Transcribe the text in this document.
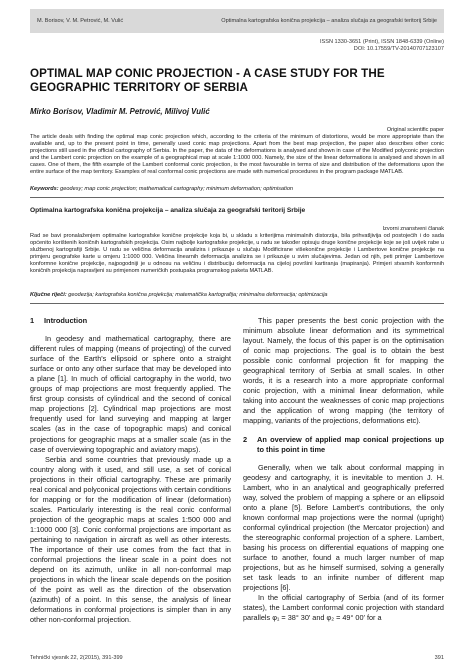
M. Borisov, V. M. Petrović, M. Vulić	Optimalna kartografska konična projekcija – analiza slučaja za geografski teritorij Srbije
ISSN 1330-3651 (Print), ISSN 1848-6339 (Online)
DOI: 10.17559/TV-20140707123107
OPTIMAL MAP CONIC PROJECTION - A CASE STUDY FOR THE GEOGRAPHIC TERRITORY OF SERBIA
Mirko Borisov, Vladimir M. Petrović, Milivoj Vulić
Original scientific paper

The article deals with finding the optimal map conic projection which, according to the criteria of the minimum of distortions, would be more appropriate than the available and, up to the present point in time, generally used conic map projections. Apart from the best map projection, the paper also describes other conic projections still used in the official cartography of Serbia. In the paper, the data of the deformations is analysed and shown in case of the Modified polyconic projection and the Lambert conic projection on the example of a geographical map at scale 1:1000 000. Namely, the size of the linear deformations is analysed and shown in all cases. One of them, the fifth example of the Lambert conformal conic projection, is the most favourable in terms of size and distribution of the deformations upon the entire surface of the map territory. Examples of real conformal conic projections are made with numerical procedures in the program package MATLAB.

Keywords: geodesy; map conic projection; mathematical cartography; minimum deformation; optimisation
Optimalna kartografska konična projekcija – analiza slučaja za geografski teritorij Srbije
Izvorni znanstveni članak

Rad se bavi pronalaženjem optimalne kartografske konične projekcije koja bi, u skladu s kriterijima minimalnih distorzija, bila prihvatljivija od postojećih i do sada općenito korištenih koničnih kartografskih projekcija. Osim najbolje kartografske projekcije, u radu se također opisuju druge konične projekcije koje se još uvijek rabe u službenoj kartografiji Srbije. U radu se veličina deformacija analizira i prikazuje u slučaju Modificirane višekonične projekcije i Lambertove konične projekcije na primjeru geografske karte u omjeru 1:1000 000. Veličina linearnih deformacija analizira se i prikazuje u svim slučajevima. Jedan od njih, peti primjer Lambertove konformne konične projekcije, najpogodniji je u odnosu na veličinu i distribuciju deformacija na cijeloj površini kartiranja (mapiranja). Primjeri stvarnih konformnih koničnih projekcija napravljeni su primjenom numeričkih postupaka programskog paketa MATLAB.

Ključne riječi: geodezija; kartografska konična projekcija; matematička kartografija; minimalna deformacija; optimizacija
1	Introduction

In geodesy and mathematical cartography, there are different rules of mapping (means of projecting) of the curved surface of the Earth's ellipsoid or sphere onto a straight surface or onto any other surface that may be developed into a plane [1]. In much of official cartography in the world, two groups of map projections are most frequently applied. The first group consists of cylindrical and the second of conical map projections [2]. Cylindrical map projections are most frequently used for land surveying and mapping at larger scales (as in the case of topographic maps) and conical projections for geographic maps at a smaller scale (as in the case of overviewing topographic and aviatory maps).

Serbia and some countries that previously made up a country along with it used, and still use, a set of conical projections in their official cartography. These are primarily real conical and polyconical projections with certain conditions for mapping or for the modification of linear (deformation) scales. Particularly interesting is the real conic conformal projection of the geographic maps at scales 1:500 000 and 1:1000 000 [3]. Conic conformal projections are important as pertaining to navigation in aircraft as well as other interests. The importance of their use comes from the fact that in conformal projections the linear scale in a point does not depend on its azimuth, unlike in all non-conformal map projections in which the linear scale depends on the position of the point as well as the direction of the observation (azimuth) of a point. In this sense, the analysis of linear deformations in conformal projections is simpler than in any other non-conformal projection.

This paper presents the best conic projection with the minimum absolute linear deformation and its symmetrical layout. Namely, the focus of this paper is on the optimisation of conic map projections. The goal is to obtain the best possible conic conformal projection fit for mapping the geographical territory of Serbia at small scales. In other words, it is a research into a more appropriate conformal conic projection, with a minimal linear deformation, while taking into account the weaknesses of conic map projections and the application of wrong mapping (the territory of mapping, variants of the projections, deformations etc).

2	An overview of applied map conical projections up to this point in time

Generally, when we talk about conformal mapping in geodesy and cartography, it is inevitable to mention J. H. Lambert, who in an analytical and geographically preferred way, solved the problem of mapping a sphere or an ellipsoid onto a plane [5]. Before Lambert's contributions, the only known conformal map projections were the normal (upright) conformal cylindrical projection (the Mercator projection) and the stereographic conformal projection of a sphere. Lambert, basing his process on differential equations of mapping one surface to another, found a much larger number of map projections, but as he himself surmised, solving a generally set task leads to an infinite number of different map projections [6].

In the official cartography of Serbia (and of its former states), the Lambert conformal conic projection with standard parallels φ₁ = 38° 30′ and φ₂ = 49° 00′ for a

Tehnički vjesnik 22, 2(2015), 391-399	391
